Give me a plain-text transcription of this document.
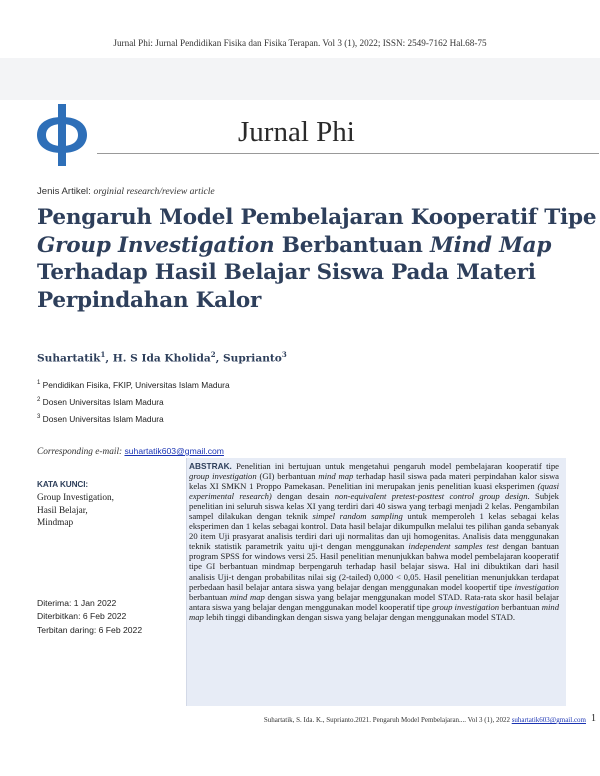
Jurnal Phi: Jurnal Pendidikan Fisika dan Fisika Terapan. Vol 3 (1), 2022; ISSN: 2549-7162 Hal.68-75
Jurnal Phi
Jenis Artikel: orginial research/review article
Pengaruh Model Pembelajaran Kooperatif Tipe
Group Investigation Berbantuan Mind Map
Terhadap Hasil Belajar Siswa Pada Materi
Perpindahan Kalor
Suhartatik$^1$, H. S Ida Kholida$^2$, Suprianto$^3$
$^1$ Pendidikan Fisika, FKIP, Universitas Islam Madura
$^2$ Dosen Universitas Islam Madura
$^3$ Dosen Universitas Islam Madura
Corresponding e-mail: suhartatik603@gmail.com
KATA KUNCI:
Group Investigation,
Hasil Belajar,
Mindmap
Diterima: 1 Jan 2022
Diterbitkan: 6 Feb 2022
Terbitan daring: 6 Feb 2022
ABSTRAK. Penelitian ini bertujuan untuk mengetahui pengaruh model pembelajaran kooperatif tipe group investigation (GI) berbantuan mind map terhadap hasil siswa pada materi perpindahan kalor siswa kelas XI SMKN 1 Proppo Pamekasan. Penelitian ini merupakan jenis penelitian kuasi eksperimen (quasi experimental research) dengan desain non-equivalent pretest-posttest control group design. Subjek penelitian ini seluruh siswa kelas XI yang terdiri dari 40 siswa yang terbagi menjadi 2 kelas. Pengambilan sampel dilakukan dengan teknik simpel random sampling untuk memperoleh 1 kelas sebagai kelas eksperimen dan 1 kelas sebagai kontrol. Data hasil belajar dikumpulkn melalui tes pilihan ganda sebanyak 20 item Uji prasyarat analisis terdiri dari uji normalitas dan uji homogenitas. Analisis data menggunakan teknik statistik parametrik yaitu uji-t dengan menggunakan independent samples test dengan bantuan program SPSS for windows versi 25. Hasil penelitian menunjukkan bahwa model pembelajaran kooperatif tipe GI berbantuan mindmap berpengaruh terhadap hasil belajar siswa. Hal ini dibuktikan dari hasil analisis Uji-t dengan probabilitas nilai sig (2-tailed) 0,000 < 0,05. Hasil penelitian menunjukkan terdapat perbedaan hasil belajar antara siswa yang belajar dengan menggunakan model koopertif tipe investigation berbantuan mind map dengan siswa yang belajar menggunakan model STAD. Rata-rata skor hasil belajar antara siswa yang belajar dengan menggunakan model kooperatif tipe group investigation berbantuan mind map lebih tinggi dibandingkan dengan siswa yang belajar dengan menggunakan model STAD.
Suhartatik, S. Ida. K., Suprianto.2021. Pengaruh Model Pembelajaran.... Vol 3 (1), 2022 suhartatik603@gmail.com 1
